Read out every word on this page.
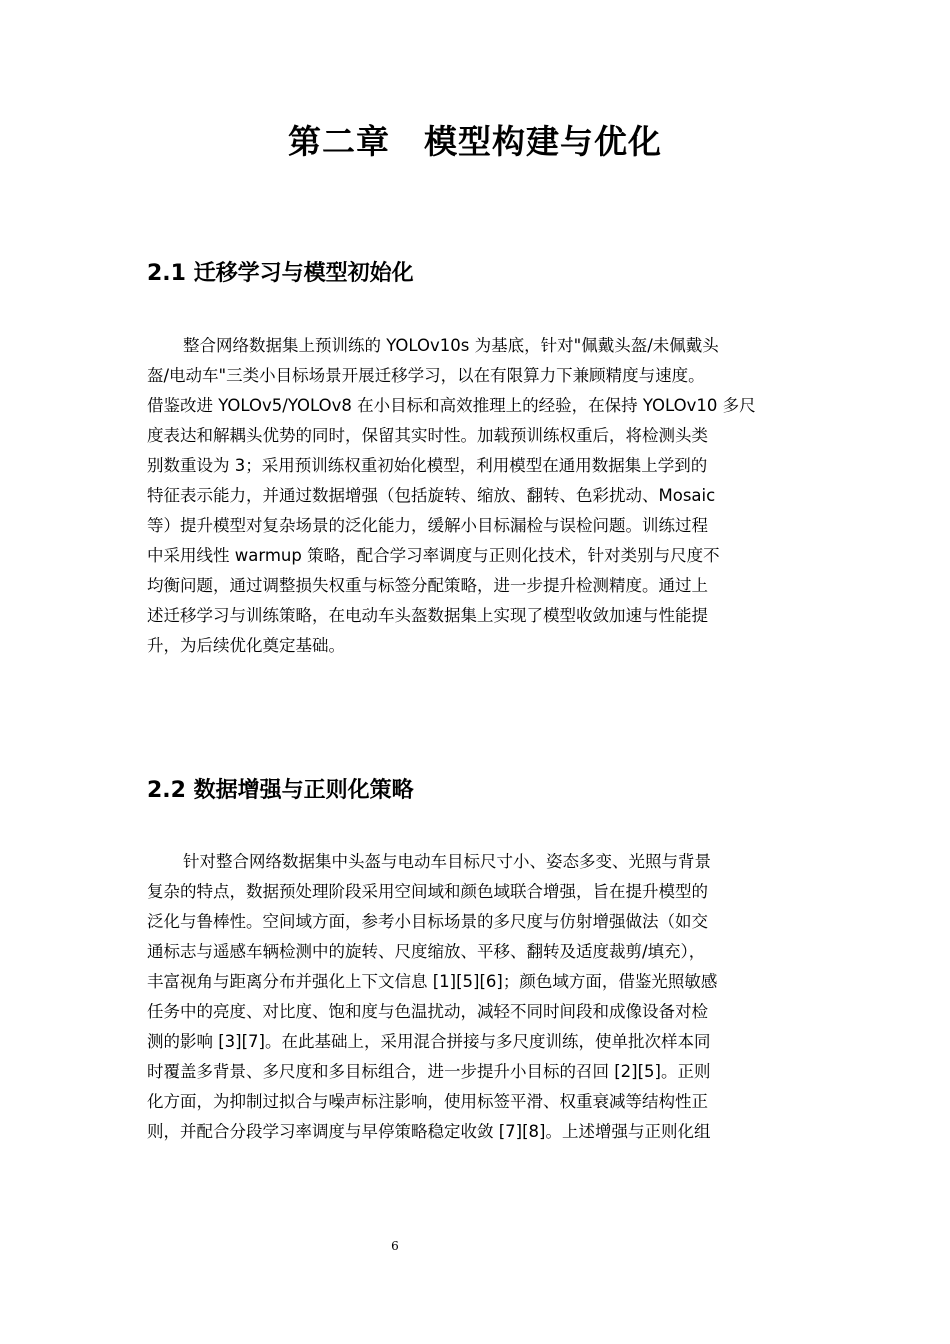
第二章　模型构建与优化
2.1 迁移学习与模型初始化
整合网络数据集上预训练的 YOLOv10s 为基底，针对"佩戴头盔/未佩戴头
盔/电动车"三类小目标场景开展迁移学习，以在有限算力下兼顾精度与速度。
借鉴改进 YOLOv5/YOLOv8 在小目标和高效推理上的经验，在保持 YOLOv10 多尺
度表达和解耦头优势的同时，保留其实时性。加载预训练权重后，将检测头类
别数重设为 3；采用预训练权重初始化模型，利用模型在通用数据集上学到的
特征表示能力，并通过数据增强（包括旋转、缩放、翻转、色彩扰动、Mosaic
等）提升模型对复杂场景的泛化能力，缓解小目标漏检与误检问题。训练过程
中采用线性 warmup 策略，配合学习率调度与正则化技术，针对类别与尺度不
均衡问题，通过调整损失权重与标签分配策略，进一步提升检测精度。通过上
述迁移学习与训练策略，在电动车头盔数据集上实现了模型收敛加速与性能提
升，为后续优化奠定基础。
2.2 数据增强与正则化策略
针对整合网络数据集中头盔与电动车目标尺寸小、姿态多变、光照与背景
复杂的特点，数据预处理阶段采用空间域和颜色域联合增强，旨在提升模型的
泛化与鲁棒性。空间域方面，参考小目标场景的多尺度与仿射增强做法（如交
通标志与遥感车辆检测中的旋转、尺度缩放、平移、翻转及适度裁剪/填充），
丰富视角与距离分布并强化上下文信息 [1][5][6]；颜色域方面，借鉴光照敏感
任务中的亮度、对比度、饱和度与色温扰动，减轻不同时间段和成像设备对检
测的影响 [3][7]。在此基础上，采用混合拼接与多尺度训练，使单批次样本同
时覆盖多背景、多尺度和多目标组合，进一步提升小目标的召回 [2][5]。正则
化方面，为抑制过拟合与噪声标注影响，使用标签平滑、权重衰减等结构性正
则，并配合分段学习率调度与早停策略稳定收敛 [7][8]。上述增强与正则化组
6
